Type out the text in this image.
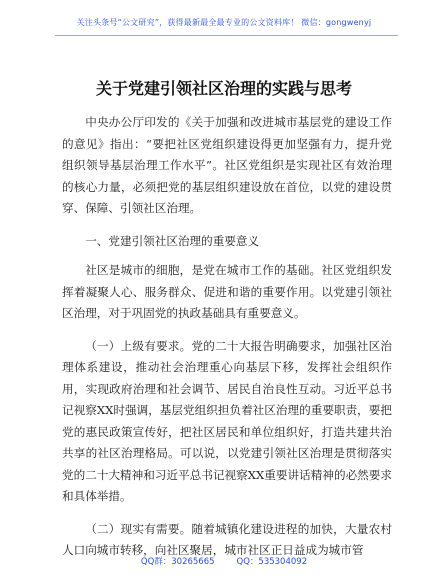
关注头条号“公文研究”，获得最新最全最专业的公文资料库！ 微信：gongwenyj
关于党建引领社区治理的实践与思考

中央办公厅印发的《关于加强和改进城市基层党的建设工作的意见》指出：“要把社区党组织建设得更加坚强有力，提升党组织领导基层治理工作水平”。社区党组织是实现社区有效治理的核心力量，必须把党的基层组织建设放在首位，以党的建设贯穿、保障、引领社区治理。

一、党建引领社区治理的重要意义

社区是城市的细胞，是党在城市工作的基础。社区党组织发挥着凝聚人心、服务群众、促进和谐的重要作用。以党建引领社区治理，对于巩固党的执政基础具有重要意义。

（一）上级有要求。党的二十大报告明确要求，加强社区治理体系建设，推动社会治理重心向基层下移，发挥社会组织作用，实现政府治理和社会调节、居民自治良性互动。习近平总书记视察XX时强调，基层党组织担负着社区治理的重要职责，要把党的惠民政策宣传好，把社区居民和单位组织好，打造共建共治共享的社区治理格局。可以说，以党建引领社区治理是贯彻落实党的二十大精神和习近平总书记视察XX重要讲话精神的必然要求和具体举措。

（二）现实有需要。随着城镇化建设进程的加快，大量农村人口向城市转移，向社区聚居，城市社区正日益成为城市管

QQ群：30265665	QQ：535304092
